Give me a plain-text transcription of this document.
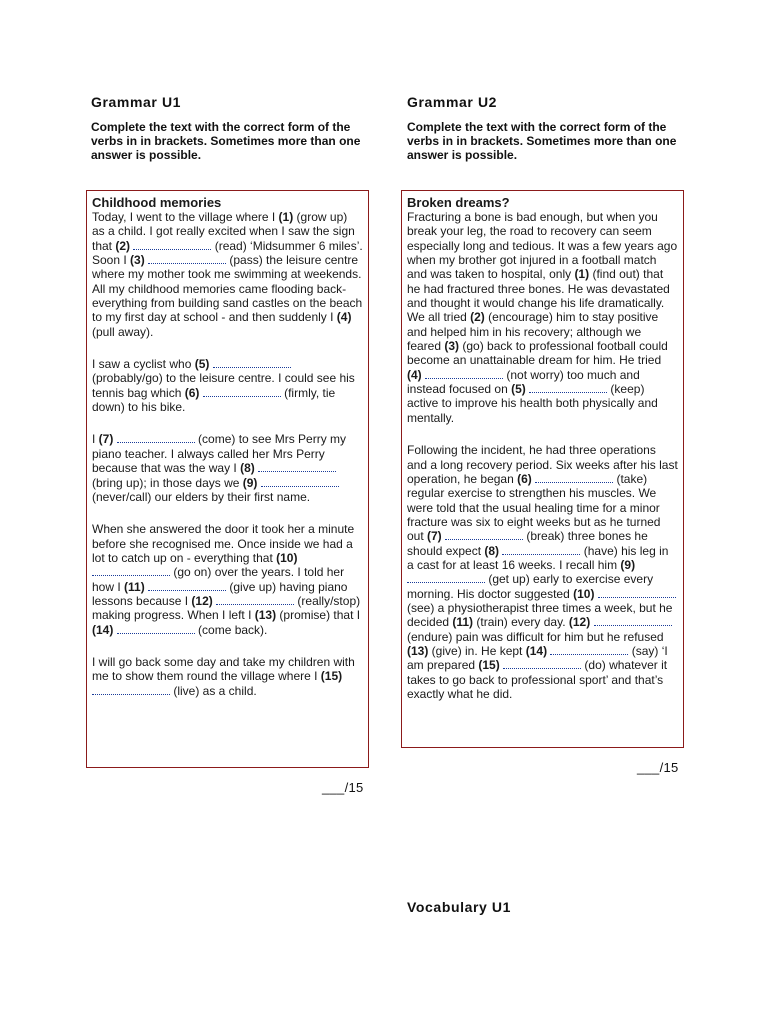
Grammar U1
Complete the text with the correct form of the verbs in in brackets. Sometimes more than one answer is possible.
Childhood memories

Today, I went to the village where I (1) (grow up) as a child. I got really excited when I saw the sign that (2)	(read) ‘Midsummer 6 miles’. Soon I (3)	(pass) the leisure centre where my mother took me swimming at weekends. All my childhood memories came flooding back- everything from building sand castles on the beach to my first day at school - and then suddenly I (4) (pull away).

I saw a cyclist who (5)  (probably/go) to the leisure centre. I could see his tennis bag which (6)	(firmly, tie down) to his bike.

I (7)	(come) to see Mrs Perry my piano teacher. I always called her Mrs Perry because that was the way I (8)  (bring up); in those days we (9)  (never/call) our elders by their first name.

When she answered the door it took her a minute before she recognised me. Once inside we had a lot to catch up on - everything that (10)  (go on) over the years. I told her how I (11)	(give up) having piano lessons because I (12)	(really/stop) making progress. When I left I (13) (promise) that I (14)	(come back).

I will go back some day and take my children with me to show them round the village where I (15)  (live) as a child.

___/15
Grammar U2
Complete the text with the correct form of the verbs in in brackets. Sometimes more than one answer is possible.
Broken dreams?

Fracturing a bone is bad enough, but when you break your leg, the road to recovery can seem especially long and tedious. It was a few years ago when my brother got injured in a football match and was taken to hospital, only (1) (find out) that he had fractured three bones. He was devastated and thought it would change his life dramatically. We all tried (2) (encourage) him to stay positive and helped him in his recovery; although we feared (3) (go) back to professional football could become an unattainable dream for him. He tried (4)	(not worry) too much and instead focused on (5)	(keep) active to improve his health both physically and mentally.

Following the incident, he had three operations and a long recovery period. Six weeks after his last operation, he began (6)	(take) regular exercise to strengthen his muscles. We were told that the usual healing time for a minor fracture was six to eight weeks but as he turned out (7)	(break) three bones he should expect (8)	(have) his leg in a cast for at least 16 weeks. I recall him (9)  (get up) early to exercise every morning. His doctor suggested (10)  (see) a physiotherapist three times a week, but he decided (11) (train) every day. (12)  (endure) pain was difficult for him but he refused (13) (give) in. He kept (14)	(say) ‘I am prepared (15)	(do) whatever it takes to go back to professional sport’ and that’s exactly what he did.

___/15
Vocabulary U1
